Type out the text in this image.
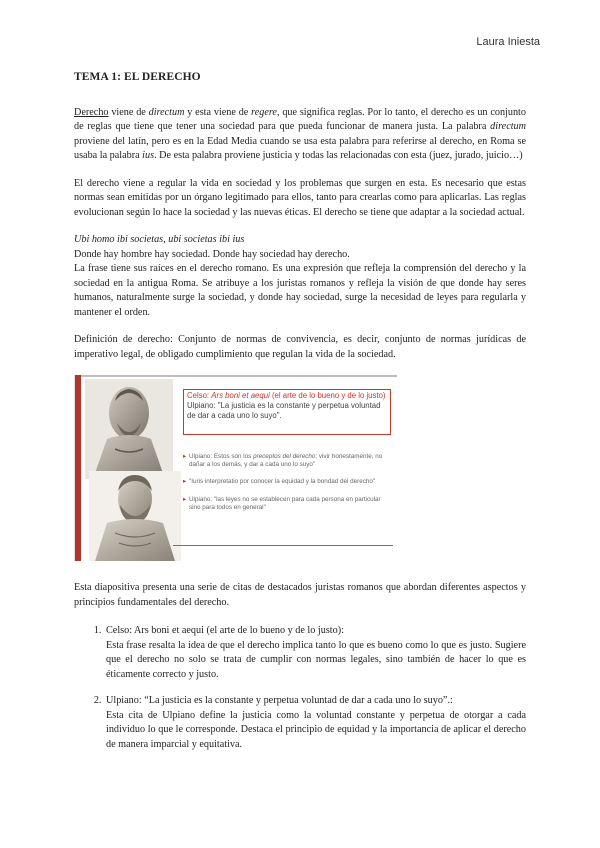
Laura Iniesta
TEMA 1: EL DERECHO

Derecho viene de directum y esta viene de regere, que significa reglas. Por lo tanto, el derecho es un conjunto de reglas que tiene que tener una sociedad para que pueda funcionar de manera justa. La palabra directum proviene del latín, pero es en la Edad Media cuando se usa esta palabra para referirse al derecho, en Roma se usaba la palabra ius. De esta palabra proviene justicia y todas las relacionadas con esta (juez, jurado, juicio…)

El derecho viene a regular la vida en sociedad y los problemas que surgen en esta. Es necesario que estas normas sean emitidas por un órgano legitimado para ellos, tanto para crearlas como para aplicarlas. Las reglas evolucionan según lo hace la sociedad y las nuevas éticas. El derecho se tiene que adaptar a la sociedad actual.

Ubi homo ibi societas, ubi societas ibi ius

Donde hay hombre hay sociedad. Donde hay sociedad hay derecho.

La frase tiene sus raíces en el derecho romano. Es una expresión que refleja la comprensión del derecho y la sociedad en la antigua Roma. Se atribuye a los juristas romanos y refleja la visión de que donde hay seres humanos, naturalmente surge la sociedad, y donde hay sociedad, surge la necesidad de leyes para regularla y mantener el orden.

Definición de derecho: Conjunto de normas de convivencia, es decir, conjunto de normas jurídicas de imperativo legal, de obligado cumplimiento que regulan la vida de la sociedad.

Celso: Ars boni et aequi (el arte de lo bueno y de lo justo)
Ulpiano: "La justicia es la constante y perpetua voluntad de dar a cada uno lo suyo".
▸ Ulpiano: Estos son los preceptos del derecho: vivir honestamente, no dañar a los demás, y dar a cada uno lo suyo"
▸ "Iuris interpretatio por conocer la equidad y la bondad del derecho"
▸ Ulpiano: "las leyes no se establecen para cada persona en particular sino para todos en general"

Esta diapositiva presenta una serie de citas de destacados juristas romanos que abordan diferentes aspectos y principios fundamentales del derecho.

1. Celso: Ars boni et aequi (el arte de lo bueno y de lo justo):
Esta frase resalta la idea de que el derecho implica tanto lo que es bueno como lo que es justo. Sugiere que el derecho no solo se trata de cumplir con normas legales, sino también de hacer lo que es éticamente correcto y justo.
2. Ulpiano: “La justicia es la constante y perpetua voluntad de dar a cada uno lo suyo”.:
Esta cita de Ulpiano define la justicia como la voluntad constante y perpetua de otorgar a cada individuo lo que le corresponde. Destaca el principio de equidad y la importancia de aplicar el derecho de manera imparcial y equitativa.
